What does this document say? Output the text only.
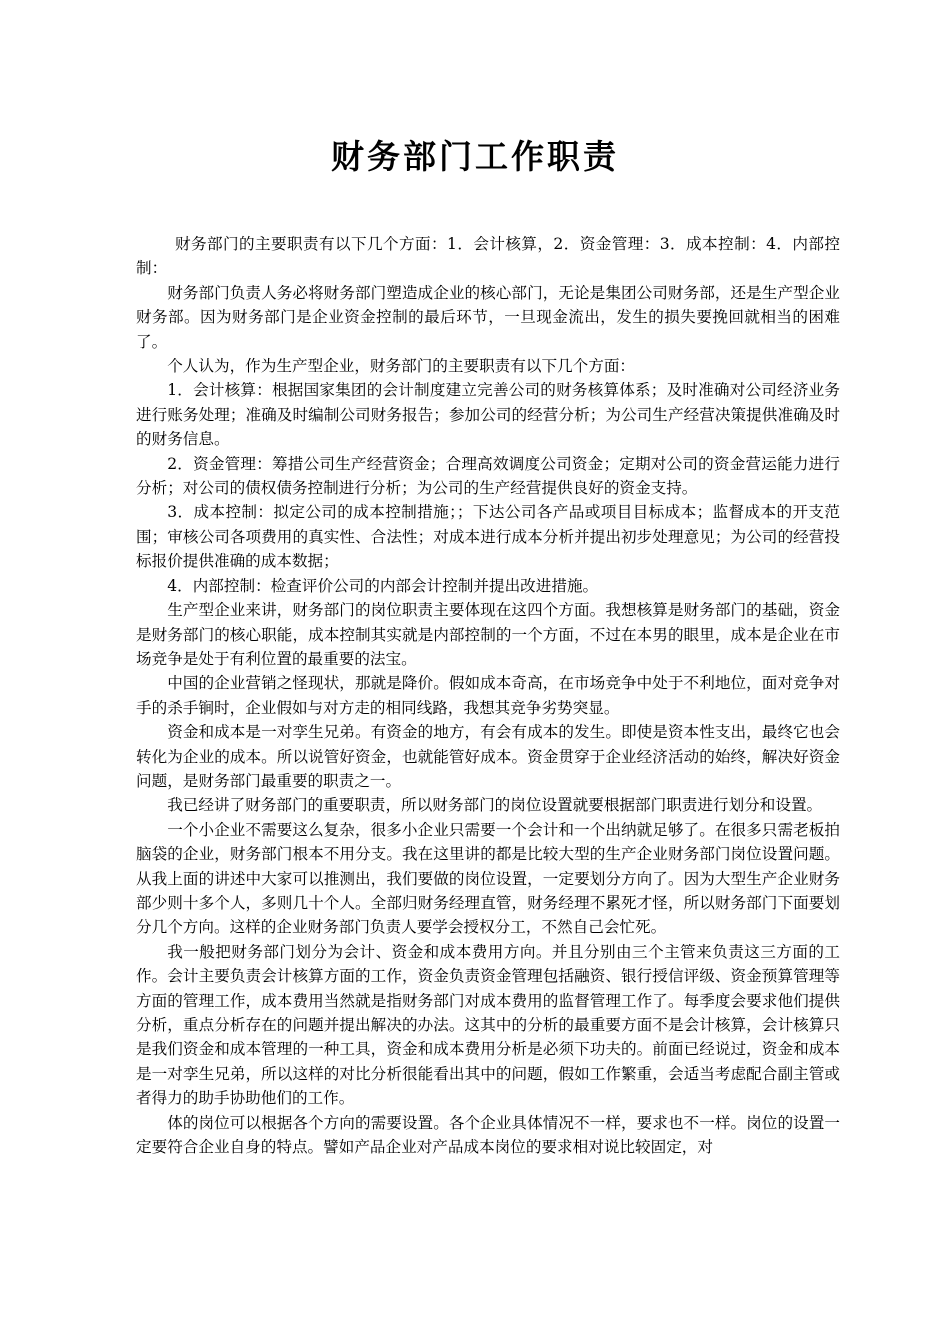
财务部门工作职责

财务部门的主要职责有以下几个方面：1．会计核算，2．资金管理：3．成本控制：4．内部控制：

财务部门负责人务必将财务部门塑造成企业的核心部门，无论是集团公司财务部，还是生产型企业财务部。因为财务部门是企业资金控制的最后环节，一旦现金流出，发生的损失要挽回就相当的困难了。

个人认为，作为生产型企业，财务部门的主要职责有以下几个方面：

1．会计核算：根据国家集团的会计制度建立完善公司的财务核算体系；及时准确对公司经济业务进行账务处理；准确及时编制公司财务报告；参加公司的经营分析；为公司生产经营决策提供准确及时的财务信息。

2．资金管理：筹措公司生产经营资金；合理高效调度公司资金；定期对公司的资金营运能力进行分析；对公司的债权债务控制进行分析；为公司的生产经营提供良好的资金支持。

3．成本控制：拟定公司的成本控制措施；；下达公司各产品或项目目标成本；监督成本的开支范围；审核公司各项费用的真实性、合法性；对成本进行成本分析并提出初步处理意见；为公司的经营投标报价提供准确的成本数据；

4．内部控制：检查评价公司的内部会计控制并提出改进措施。

生产型企业来讲，财务部门的岗位职责主要体现在这四个方面。我想核算是财务部门的基础，资金是财务部门的核心职能，成本控制其实就是内部控制的一个方面，不过在本男的眼里，成本是企业在市场竞争是处于有利位置的最重要的法宝。

中国的企业营销之怪现状，那就是降价。假如成本奇高，在市场竞争中处于不利地位，面对竞争对手的杀手锏时，企业假如与对方走的相同线路，我想其竞争劣势突显。

资金和成本是一对孪生兄弟。有资金的地方，有会有成本的发生。即使是资本性支出，最终它也会转化为企业的成本。所以说管好资金，也就能管好成本。资金贯穿于企业经济活动的始终，解决好资金问题，是财务部门最重要的职责之一。

我已经讲了财务部门的重要职责，所以财务部门的岗位设置就要根据部门职责进行划分和设置。

一个小企业不需要这么复杂，很多小企业只需要一个会计和一个出纳就足够了。在很多只需老板拍脑袋的企业，财务部门根本不用分支。我在这里讲的都是比较大型的生产企业财务部门岗位设置问题。从我上面的讲述中大家可以推测出，我们要做的岗位设置，一定要划分方向了。因为大型生产企业财务部少则十多个人，多则几十个人。全部归财务经理直管，财务经理不累死才怪，所以财务部门下面要划分几个方向。这样的企业财务部门负责人要学会授权分工，不然自己会忙死。

我一般把财务部门划分为会计、资金和成本费用方向。并且分别由三个主管来负责这三方面的工作。会计主要负责会计核算方面的工作，资金负责资金管理包括融资、银行授信评级、资金预算管理等方面的管理工作，成本费用当然就是指财务部门对成本费用的监督管理工作了。每季度会要求他们提供分析，重点分析存在的问题并提出解决的办法。这其中的分析的最重要方面不是会计核算，会计核算只是我们资金和成本管理的一种工具，资金和成本费用分析是必须下功夫的。前面已经说过，资金和成本是一对孪生兄弟，所以这样的对比分析很能看出其中的问题，假如工作繁重，会适当考虑配合副主管或者得力的助手协助他们的工作。

体的岗位可以根据各个方向的需要设置。各个企业具体情况不一样，要求也不一样。岗位的设置一定要符合企业自身的特点。譬如产品企业对产品成本岗位的要求相对说比较固定，对
